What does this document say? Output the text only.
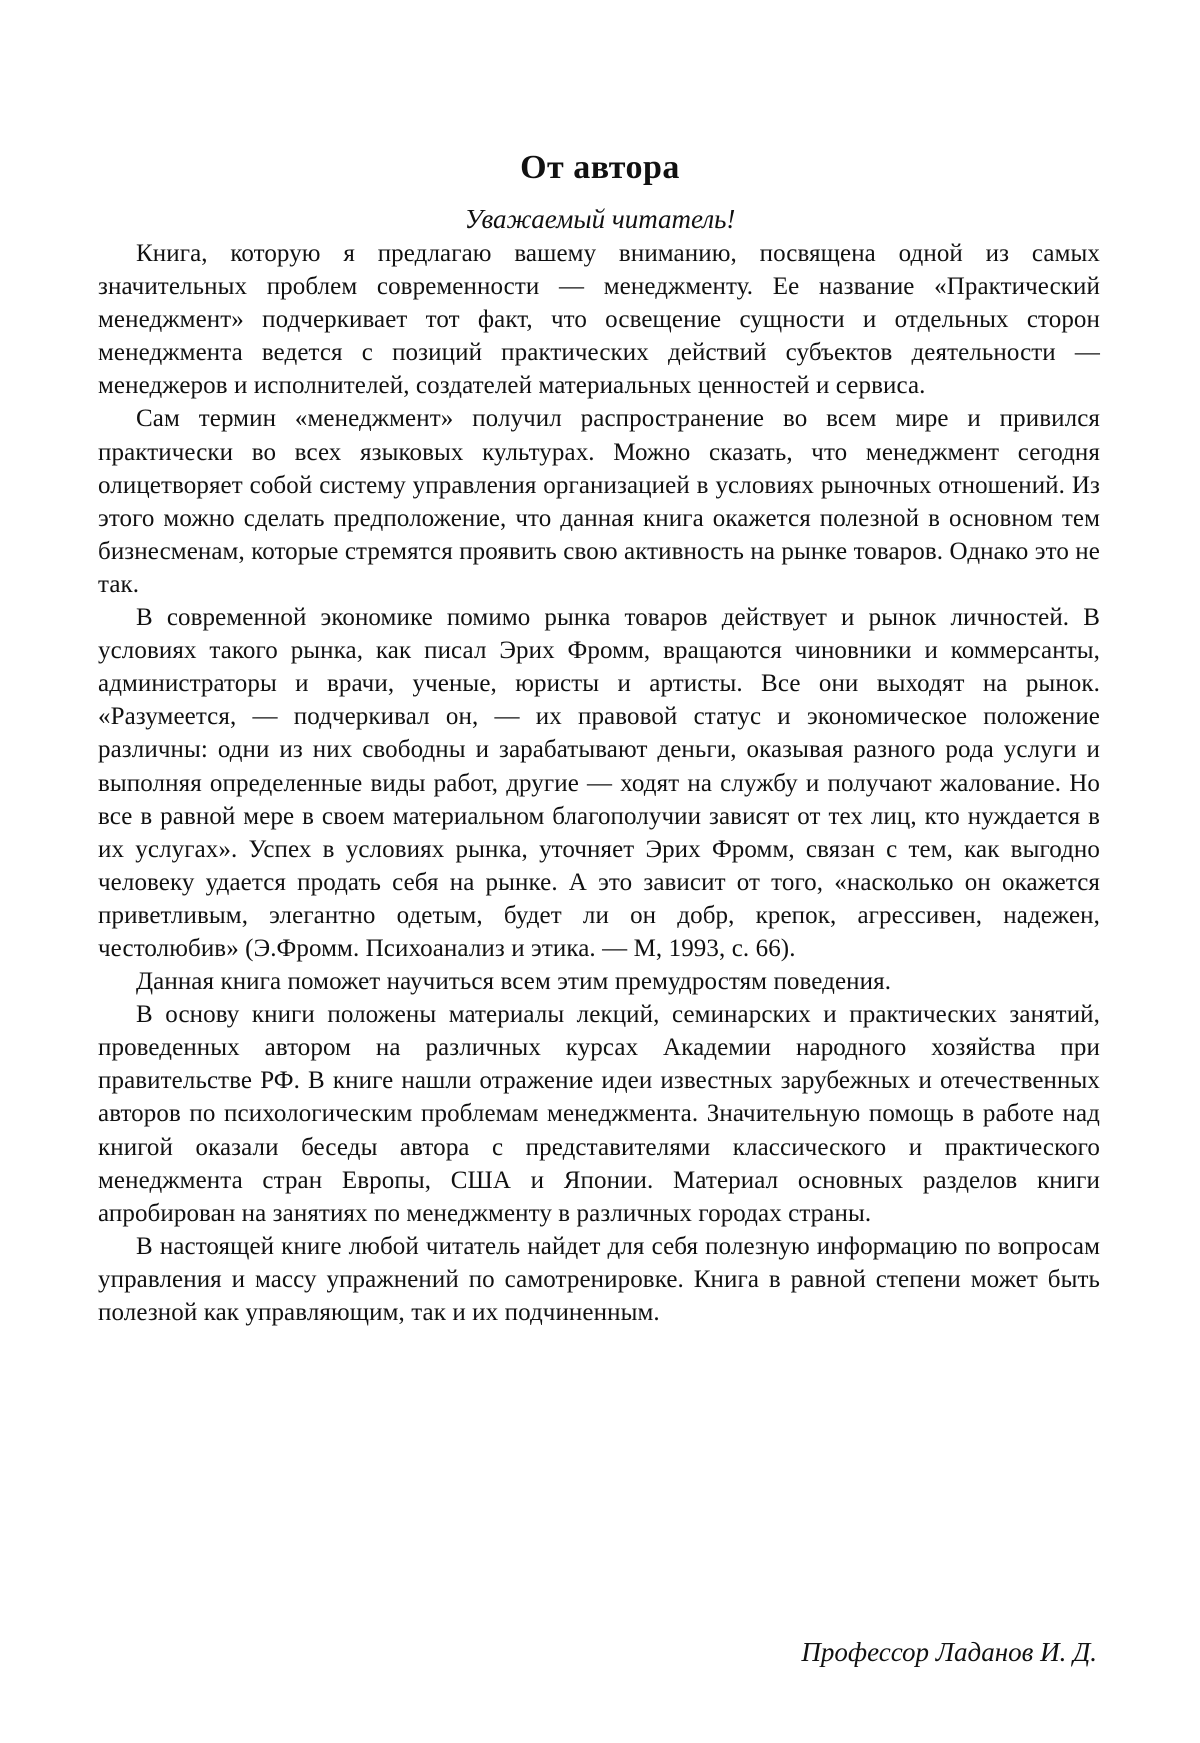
От автора
Уважаемый читатель!

Книга, которую я предлагаю вашему вниманию, посвящена одной из самых значительных проблем современности — менеджменту. Ее название «Практический менеджмент» подчеркивает тот факт, что освещение сущности и отдельных сторон менеджмента ведется с позиций практических действий субъектов деятельности — менеджеров и исполнителей, создателей материальных ценностей и сервиса.

Сам термин «менеджмент» получил распространение во всем мире и привился практически во всех языковых культурах. Можно сказать, что менеджмент сегодня олицетворяет собой систему управления организацией в условиях рыночных отношений. Из этого можно сделать предположение, что данная книга окажется полезной в основном тем бизнесменам, которые стремятся проявить свою активность на рынке товаров. Однако это не так.

В современной экономике помимо рынка товаров действует и рынок личностей. В условиях такого рынка, как писал Эрих Фромм, вращаются чиновники и коммерсанты, администраторы и врачи, ученые, юристы и артисты. Все они выходят на рынок. «Разумеется, — подчеркивал он, — их правовой статус и экономическое положение различны: одни из них свободны и зарабатывают деньги, оказывая разного рода услуги и выполняя определенные виды работ, другие — ходят на службу и получают жалование. Но все в равной мере в своем материальном благополучии зависят от тех лиц, кто нуждается в их услугах». Успех в условиях рынка, уточняет Эрих Фромм, связан с тем, как выгодно человеку удается продать себя на рынке. А это зависит от того, «насколько он окажется приветливым, элегантно одетым, будет ли он добр, крепок, агрессивен, надежен, честолюбив» (Э.Фромм. Психоанализ и этика. — М, 1993, с. 66).

Данная книга поможет научиться всем этим премудростям поведения.

В основу книги положены материалы лекций, семинарских и практических занятий, проведенных автором на различных курсах Академии народного хозяйства при правительстве РФ. В книге нашли отражение идеи известных зарубежных и отечественных авторов по психологическим проблемам менеджмента. Значительную помощь в работе над книгой оказали беседы автора с представителями классического и практического менеджмента стран Европы, США и Японии. Материал основных разделов книги апробирован на занятиях по менеджменту в различных городах страны.

В настоящей книге любой читатель найдет для себя полезную информацию по вопросам управления и массу упражнений по самотренировке. Книга в равной степени может быть полезной как управляющим, так и их подчиненным.

Профессор Ладанов И. Д.
